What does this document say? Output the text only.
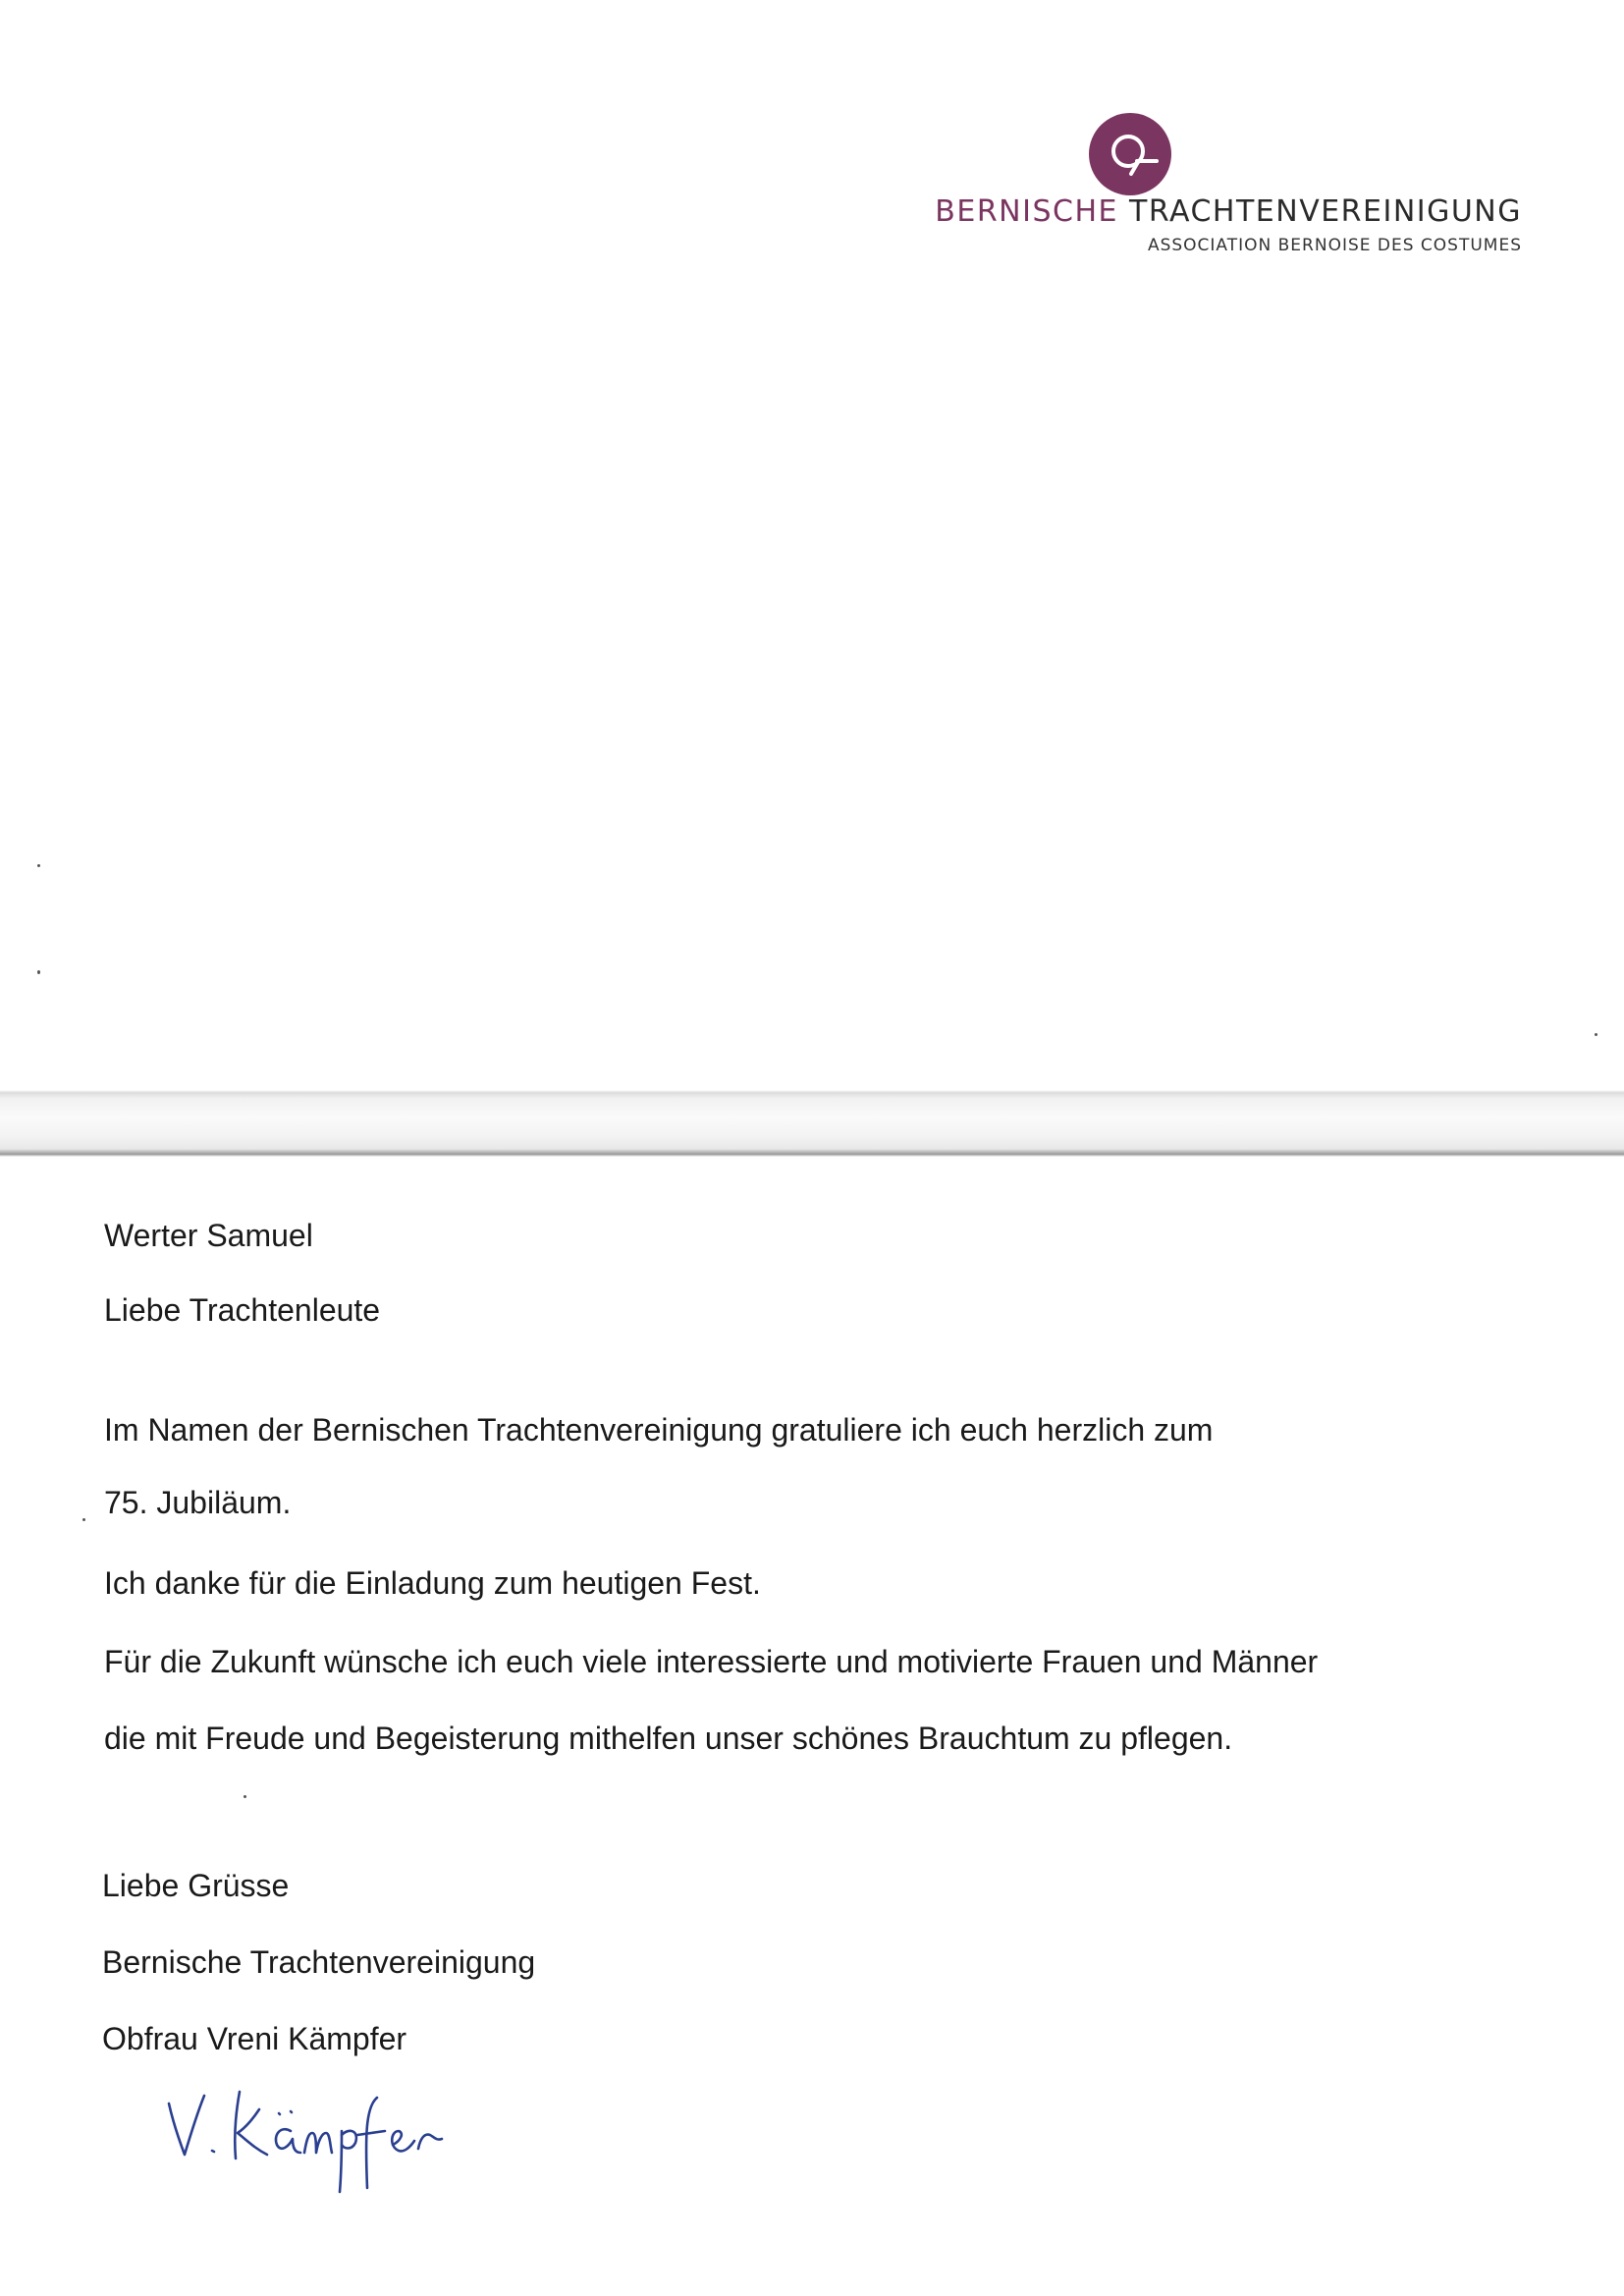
BERNISCHE TRACHTENVEREINIGUNG
ASSOCIATION BERNOISE DES COSTUMES
Werter Samuel
Liebe Trachtenleute
Im Namen der Bernischen Trachtenvereinigung gratuliere ich euch herzlich zum
75. Jubiläum.
Ich danke für die Einladung zum heutigen Fest.
Für die Zukunft wünsche ich euch viele interessierte und motivierte Frauen und Männer
die mit Freude und Begeisterung mithelfen unser schönes Brauchtum zu pflegen.
Liebe Grüsse
Bernische Trachtenvereinigung
Obfrau Vreni Kämpfer
